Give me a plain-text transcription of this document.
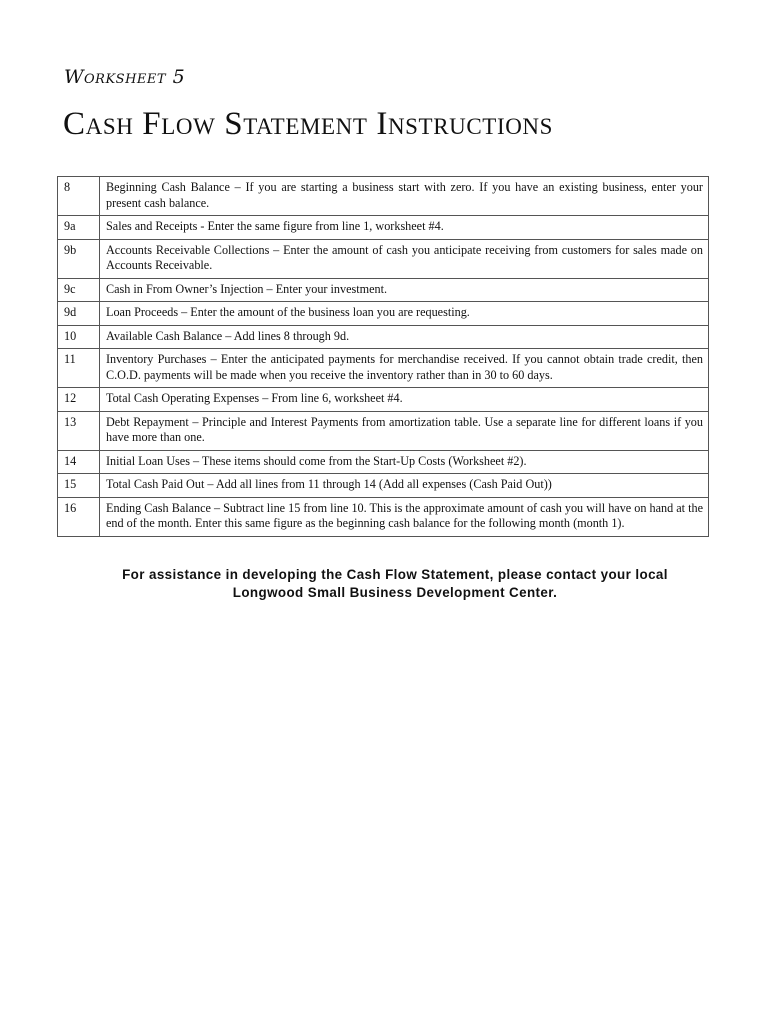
Worksheet 5
Cash Flow Statement Instructions
8	Beginning Cash Balance – If you are starting a business start with zero. If you have an existing business, enter your present cash balance.
9a	Sales and Receipts - Enter the same figure from line 1, worksheet #4.
9b	Accounts Receivable Collections – Enter the amount of cash you anticipate receiving from customers for sales made on Accounts Receivable.
9c	Cash in From Owner’s Injection – Enter your investment.
9d	Loan Proceeds – Enter the amount of the business loan you are requesting.
10	Available Cash Balance – Add lines 8 through 9d.
11	Inventory Purchases – Enter the anticipated payments for merchandise received. If you cannot obtain trade credit, then C.O.D. payments will be made when you receive the inventory rather than in 30 to 60 days.
12	Total Cash Operating Expenses – From line 6, worksheet #4.
13	Debt Repayment – Principle and Interest Payments from amortization table. Use a separate line for different loans if you have more than one.
14	Initial Loan Uses – These items should come from the Start-Up Costs (Worksheet #2).
15	Total Cash Paid Out – Add all lines from 11 through 14 (Add all expenses (Cash Paid Out))
16	Ending Cash Balance – Subtract line 15 from line 10. This is the approximate amount of cash you will have on hand at the end of the month. Enter this same figure as the beginning cash balance for the following month (month 1).
For assistance in developing the Cash Flow Statement, please contact your local
Longwood Small Business Development Center.
